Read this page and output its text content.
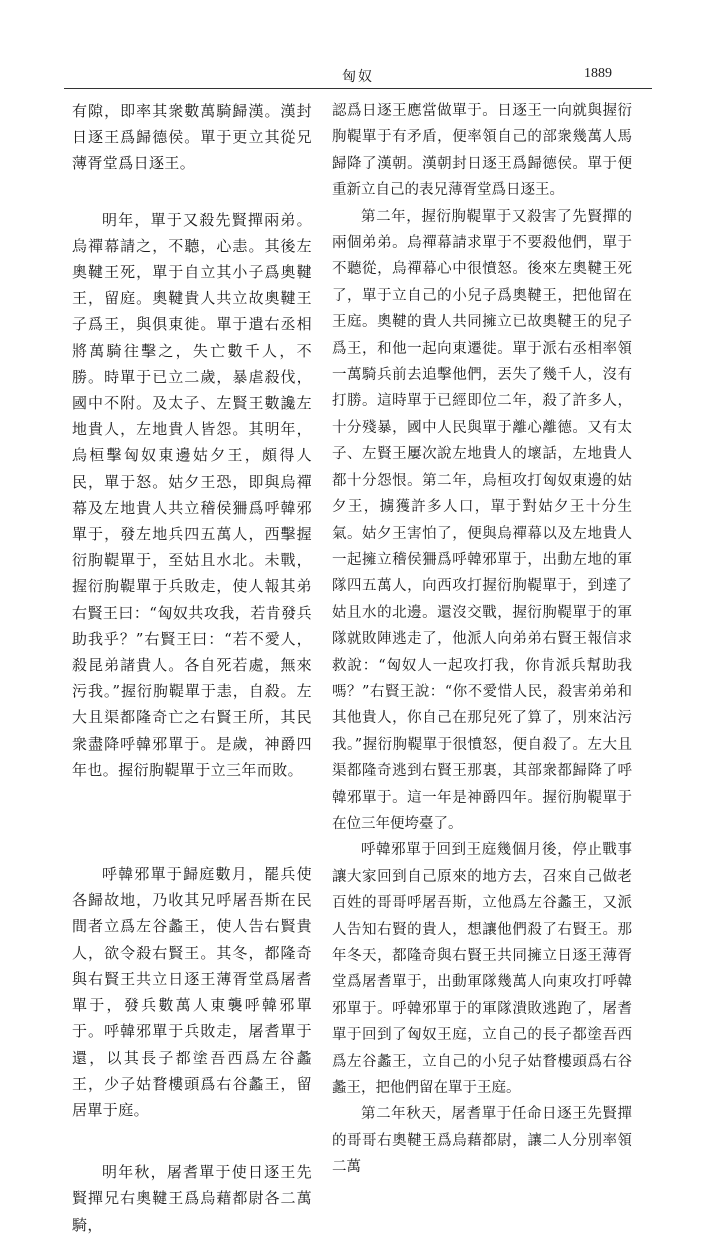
匈奴	1889

有隙，即率其衆數萬騎歸漢。漢封日逐王爲歸德侯。單于更立其從兄薄胥堂爲日逐王。

明年，單于又殺先賢撣兩弟。烏禪幕請之，不聽，心恚。其後左奧鞬王死，單于自立其小子爲奧鞬王，留庭。奧鞬貴人共立故奧鞬王子爲王，與俱東徙。單于遣右丞相將萬騎往擊之，失亡數千人，不勝。時單于已立二歲，暴虐殺伐，國中不附。及太子、左賢王數讒左地貴人，左地貴人皆怨。其明年，烏桓擊匈奴東邊姑夕王，頗得人民，單于怒。姑夕王恐，即與烏禪幕及左地貴人共立稽侯狦爲呼韓邪單于，發左地兵四五萬人，西擊握衍朐鞮單于，至姑且水北。未戰，握衍朐鞮單于兵敗走，使人報其弟右賢王曰：“匈奴共攻我，若肯發兵助我乎？”右賢王曰：“若不愛人，殺昆弟諸貴人。各自死若處，無來污我。”握衍朐鞮單于恚，自殺。左大且渠都隆奇亡之右賢王所，其民衆盡降呼韓邪單于。是歲，神爵四年也。握衍朐鞮單于立三年而敗。

呼韓邪單于歸庭數月，罷兵使各歸故地，乃收其兄呼屠吾斯在民間者立爲左谷蠡王，使人告右賢貴人，欲令殺右賢王。其冬，都隆奇與右賢王共立日逐王薄胥堂爲屠耆單于，發兵數萬人東襲呼韓邪單于。呼韓邪單于兵敗走，屠耆單于還，以其長子都塗吾西爲左谷蠡王，少子姑瞀樓頭爲右谷蠡王，留居單于庭。

明年秋，屠耆單于使日逐王先賢撣兄右奧鞬王爲烏藉都尉各二萬騎，

認爲日逐王應當做單于。日逐王一向就與握衍朐鞮單于有矛盾，便率領自己的部衆幾萬人馬歸降了漢朝。漢朝封日逐王爲歸德侯。單于便重新立自己的表兄薄胥堂爲日逐王。

第二年，握衍朐鞮單于又殺害了先賢撣的兩個弟弟。烏禪幕請求單于不要殺他們，單于不聽從，烏禪幕心中很憤怒。後來左奧鞬王死了，單于立自己的小兒子爲奧鞬王，把他留在王庭。奧鞬的貴人共同擁立已故奧鞬王的兒子爲王，和他一起向東遷徙。單于派右丞相率領一萬騎兵前去追擊他們，丟失了幾千人，沒有打勝。這時單于已經即位二年，殺了許多人，十分殘暴，國中人民與單于離心離德。又有太子、左賢王屢次說左地貴人的壞話，左地貴人都十分怨恨。第二年，烏桓攻打匈奴東邊的姑夕王，擄獲許多人口，單于對姑夕王十分生氣。姑夕王害怕了，便與烏禪幕以及左地貴人一起擁立稽侯狦爲呼韓邪單于，出動左地的軍隊四五萬人，向西攻打握衍朐鞮單于，到達了姑且水的北邊。還沒交戰，握衍朐鞮單于的軍隊就敗陣逃走了，他派人向弟弟右賢王報信求救說：“匈奴人一起攻打我，你肯派兵幫助我嗎？”右賢王說：“你不愛惜人民，殺害弟弟和其他貴人，你自己在那兒死了算了，別來沾污我。”握衍朐鞮單于很憤怒，便自殺了。左大且渠都隆奇逃到右賢王那裏，其部衆都歸降了呼韓邪單于。這一年是神爵四年。握衍朐鞮單于在位三年便垮臺了。

呼韓邪單于回到王庭幾個月後，停止戰事讓大家回到自己原來的地方去，召來自己做老百姓的哥哥呼屠吾斯，立他爲左谷蠡王，又派人告知右賢的貴人，想讓他們殺了右賢王。那年冬天，都隆奇與右賢王共同擁立日逐王薄胥堂爲屠耆單于，出動軍隊幾萬人向東攻打呼韓邪單于。呼韓邪單于的軍隊潰敗逃跑了，屠耆單于回到了匈奴王庭，立自己的長子都塗吾西爲左谷蠡王，立自己的小兒子姑瞀樓頭爲右谷蠡王，把他們留在單于王庭。

第二年秋天，屠耆單于任命日逐王先賢撣的哥哥右奧鞬王爲烏藉都尉，讓二人分別率領二萬
